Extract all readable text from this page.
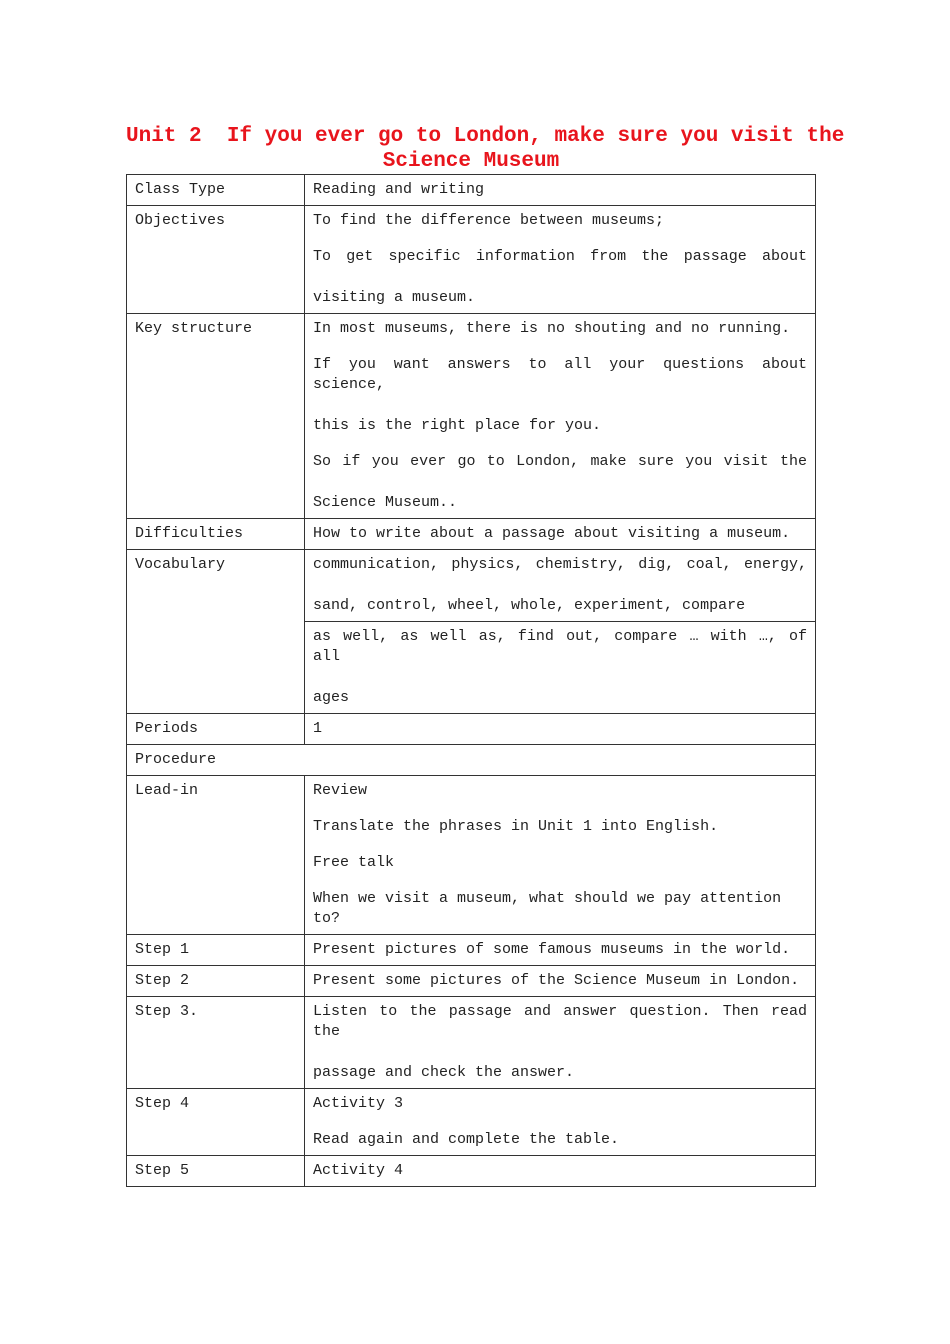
Unit 2  If you ever go to London, make sure you visit the
Science Museum
Class Type	Reading and writing
Objectives	To find the difference between museums;
To get specific information from the passage about
visiting a museum.

Key structure	In most museums, there is no shouting and no running.
If you want answers to all your questions about science,
this is the right place for you.
So if you ever go to London, make sure you visit the
Science Museum..

Difficulties	How to write about a passage about visiting a museum.
Vocabulary	communication, physics, chemistry, dig, coal, energy,
sand, control, wheel, whole, experiment, compare

	as well, as well as, find out, compare … with …, of all
ages

Periods	1
Procedure	
Lead-in	Review
Translate the phrases in Unit 1 into English.
Free talk
When we visit a museum, what should we pay attention to?

Step 1	Present pictures of some famous museums in the world.
Step 2	Present some pictures of the Science Museum in London.
Step 3.	Listen to the passage and answer question. Then read the
passage and check the answer.

Step 4	Activity 3
Read again and complete the table.

Step 5	Activity 4
